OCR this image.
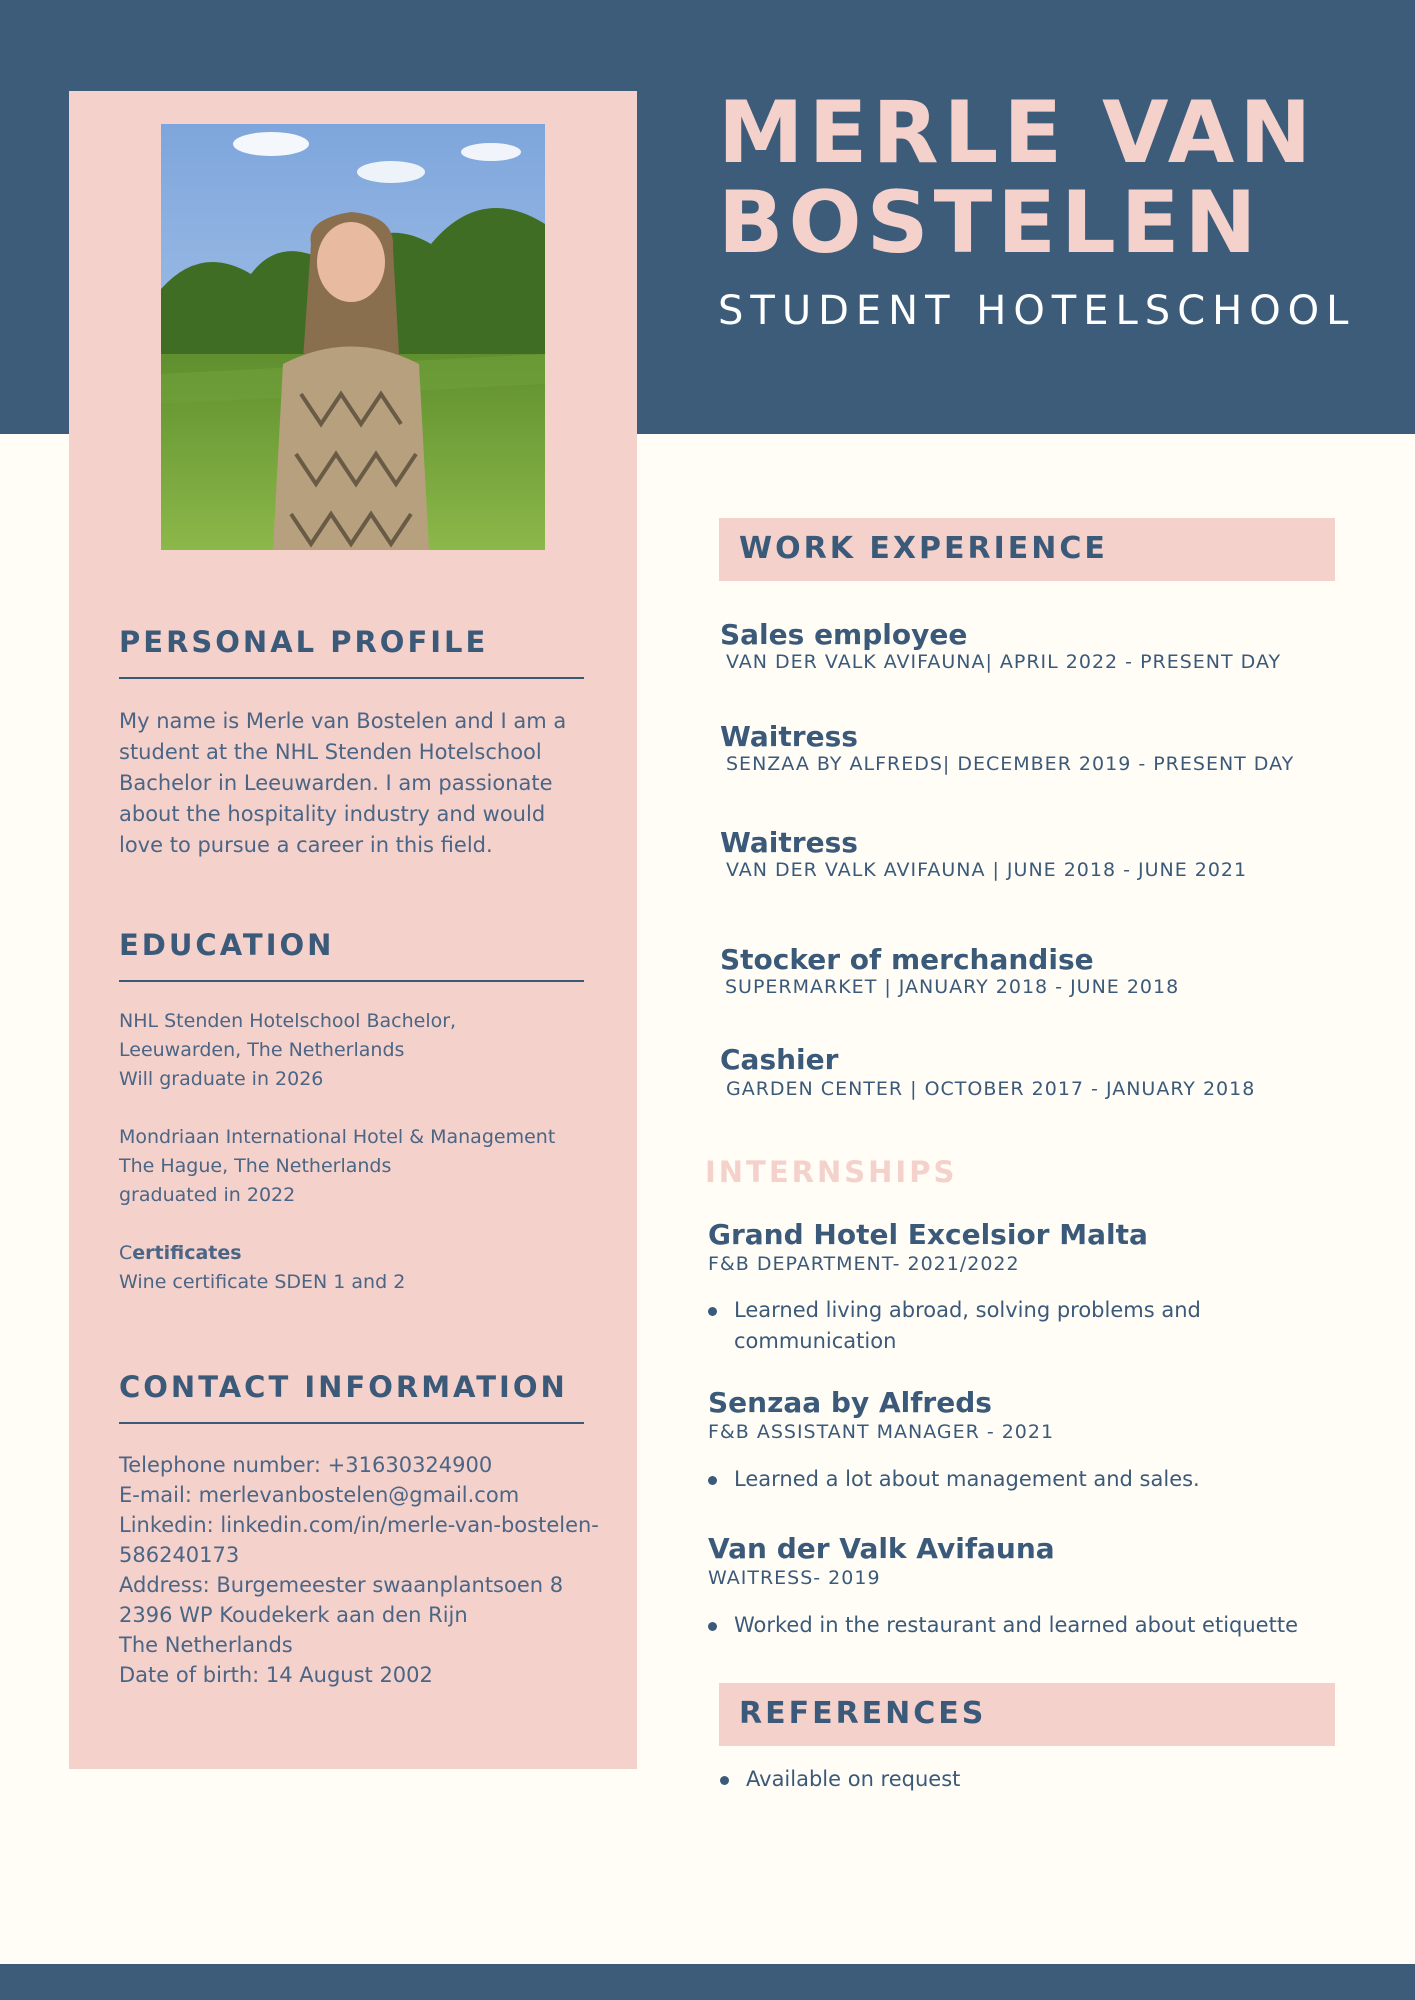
MERLE VAN
BOSTELEN
STUDENT HOTELSCHOOL
PERSONAL PROFILE
My name is Merle van Bostelen and I am a
student at the NHL Stenden Hotelschool
Bachelor in Leeuwarden. I am passionate
about the hospitality industry and would
love to pursue a career in this field.
EDUCATION
NHL Stenden Hotelschool Bachelor,
Leeuwarden, The Netherlands
Will graduate in 2026
Mondriaan International Hotel & Management
The Hague, The Netherlands
graduated in 2022
Certificates
Wine certificate SDEN 1 and 2
CONTACT INFORMATION
Telephone number: +31630324900
E-mail: merlevanbostelen@gmail.com
Linkedin: linkedin.com/in/merle-van-bostelen-
586240173
Address: Burgemeester swaanplantsoen 8
2396 WP Koudekerk aan den Rijn
The Netherlands
Date of birth: 14 August 2002
WORK EXPERIENCE

Sales employee

VAN DER VALK AVIFAUNA| APRIL 2022 - PRESENT DAY

Waitress

SENZAA BY ALFREDS| DECEMBER 2019 - PRESENT DAY

Waitress

VAN DER VALK AVIFAUNA | JUNE 2018 - JUNE 2021

Stocker of merchandise

SUPERMARKET | JANUARY 2018 - JUNE 2018

Cashier

GARDEN CENTER | OCTOBER 2017 - JANUARY 2018

INTERNSHIPS

Grand Hotel Excelsior Malta

F&B DEPARTMENT- 2021/2022

Learned living abroad, solving problems and
communication

Senzaa by Alfreds

F&B ASSISTANT MANAGER - 2021

Learned a lot about management and sales.

Van der Valk Avifauna

WAITRESS- 2019

Worked in the restaurant and learned about etiquette
REFERENCES
Available on request
